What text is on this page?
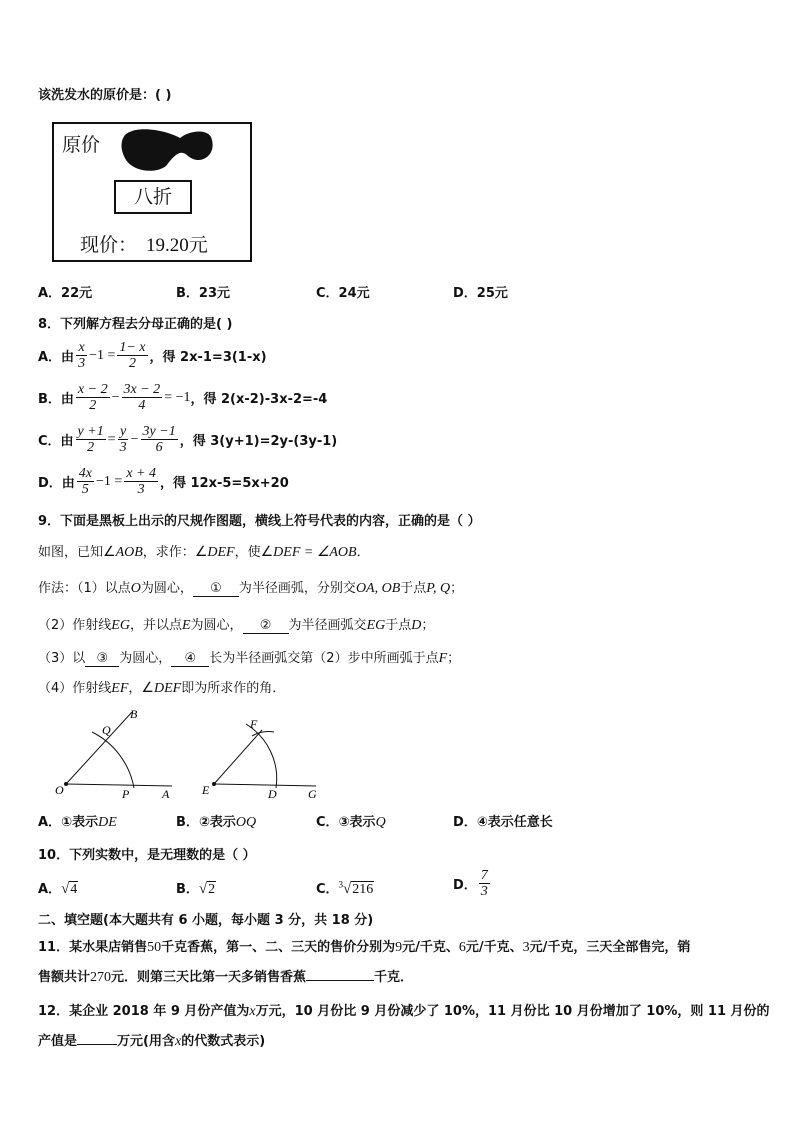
该洗发水的原价是：( )
原价
八折
现价： 19.20元
A．22元	B．23元	C．24元	D．25元
8．下列解方程去分母正确的是( )
A．由 $\frac{x}{3} -1 = \frac{1- x}{2}$ ，得 2x-1=3(1-x)
B．由 $\frac{x - 2}{2} - \frac{3x - 2}{4} = -1$ ，得 2(x-2)-3x-2=-4
C．由 $\frac{y +1}{2} = \frac{y}{3} - \frac{3y -1}{6}$ ，得 3(y+1)=2y-(3y-1)
D．由 $\frac{4x}{5} -1 = \frac{x + 4}{3}$ ，得 12x-5=5x+20
9．下面是黑板上出示的尺规作图题，横线上符号代表的内容，正确的是（ ）
如图，已知∠AOB，求作：∠DEF，使∠DEF = ∠AOB．
作法：（1）以点O为圆心， ① 为半径画弧，分别交OA, OB于点P, Q；
（2）作射线EG，并以点E为圆心， ② 为半径画弧交EG于点D；
（3）以 ③ 为圆心， ④ 长为半径画弧交第（2）步中所画弧于点F；
（4）作射线EF，∠DEF即为所求作的角．
O	P	A
Q
B
E	D	G
F
A．①表示DE	B．②表示OQ	C．③表示Q	D．④表示任意长
10．下列实数中，是无理数的是（ ）
A．√4	B．√2	C．$^3$√216	D． $\frac{7}{3}$
二、填空题(本大题共有 6 小题，每小题 3 分，共 18 分)
11．某水果店销售50千克香蕉，第一、二、三天的售价分别为9元/千克、6元/千克、3元/千克，三天全部售完，销
售额共计270元．则第三天比第一天多销售香蕉	千克．
12．某企业 2018 年 9 月份产值为x万元，10 月份比 9 月份减少了 10%，11 月份比 10 月份增加了 10%，则 11 月份的
产值是	万元(用含x的代数式表示)
